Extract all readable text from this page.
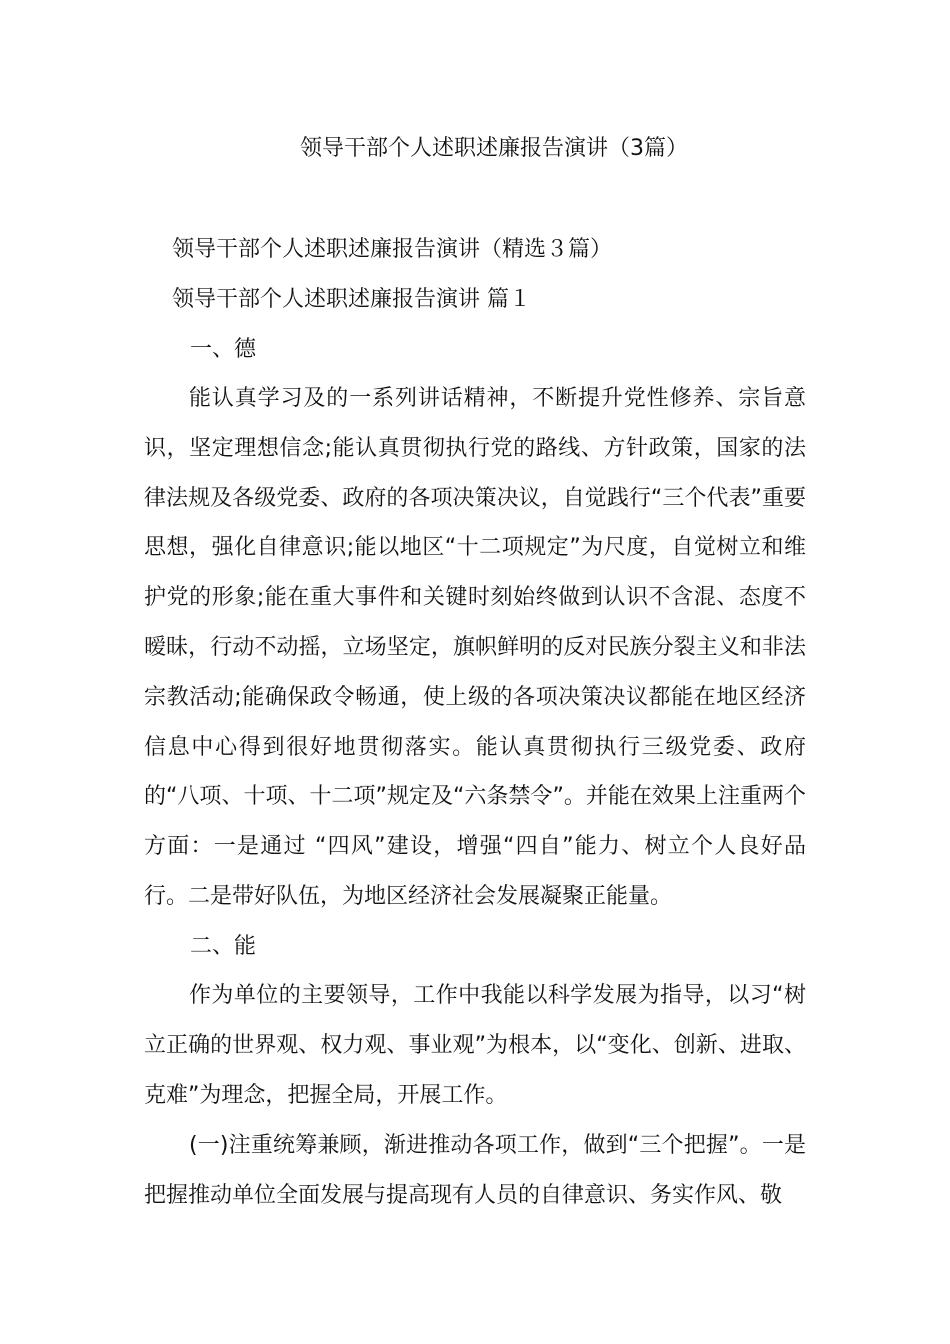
领导干部个人述职述廉报告演讲（3篇）
领导干部个人述职述廉报告演讲（精选３篇）
领导干部个人述职述廉报告演讲 篇１
一、德

能认真学习及的一系列讲话精神，不断提升党性修养、宗旨意识，坚定理想信念;能认真贯彻执行党的路线、方针政策，国家的法律法规及各级党委、政府的各项决策决议，自觉践行“三个代表”重要思想，强化自律意识;能以地区“十二项规定”为尺度，自觉树立和维护党的形象;能在重大事件和关键时刻始终做到认识不含混、态度不暧昧，行动不动摇，立场坚定，旗帜鲜明的反对民族分裂主义和非法宗教活动;能确保政令畅通，使上级的各项决策决议都能在地区经济信息中心得到很好地贯彻落实。能认真贯彻执行三级党委、政府的“八项、十项、十二项”规定及“六条禁令”。并能在效果上注重两个方面：一是通过 “四风”建设，增强“四自”能力、树立个人良好品行。二是带好队伍，为地区经济社会发展凝聚正能量。

二、能

作为单位的主要领导，工作中我能以科学发展为指导，以习“树立正确的世界观、权力观、事业观”为根本，以“变化、创新、进取、克难”为理念，把握全局，开展工作。

(一)注重统筹兼顾，渐进推动各项工作，做到“三个把握”。一是把握推动单位全面发展与提高现有人员的自律意识、务实作风、敬
